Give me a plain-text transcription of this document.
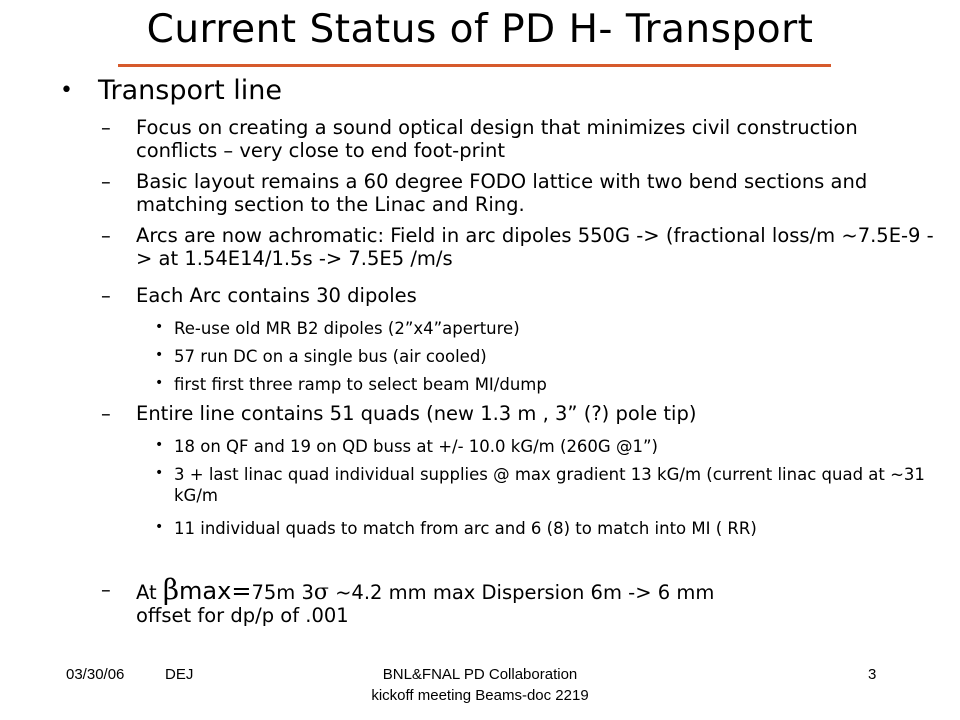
Current Status of PD H- Transport
• Transport line
– Focus on creating a sound optical design that minimizes civil construction conflicts – very close to end foot-print
– Basic layout remains a 60 degree FODO lattice with two bend sections and matching section to the Linac and Ring.
– Arcs are now achromatic: Field in arc dipoles 550G -> (fractional loss/m ~7.5E-9 -> at 1.54E14/1.5s -> 7.5E5 /m/s
– Each Arc contains 30 dipoles
• Re-use old MR B2 dipoles (2”x4”aperture)
• 57 run DC on a single bus (air cooled)
• first first three ramp to select beam MI/dump
– Entire line contains 51 quads (new 1.3 m , 3” (?) pole tip)
• 18 on QF and 19 on QD buss at +/- 10.0 kG/m (260G @1”)
• 3 + last linac quad individual supplies @ max gradient 13 kG/m (current linac quad at ~31 kG/m
• 11 individual quads to match from arc and 6 (8) to match into MI ( RR)
– At βmax=75m 3σ ~4.2 mm max Dispersion 6m -> 6 mm
offset for dp/p of .001
03/30/06	DEJ	BNL&FNAL PD Collaboration
kickoff meeting Beams-doc 2219
3
